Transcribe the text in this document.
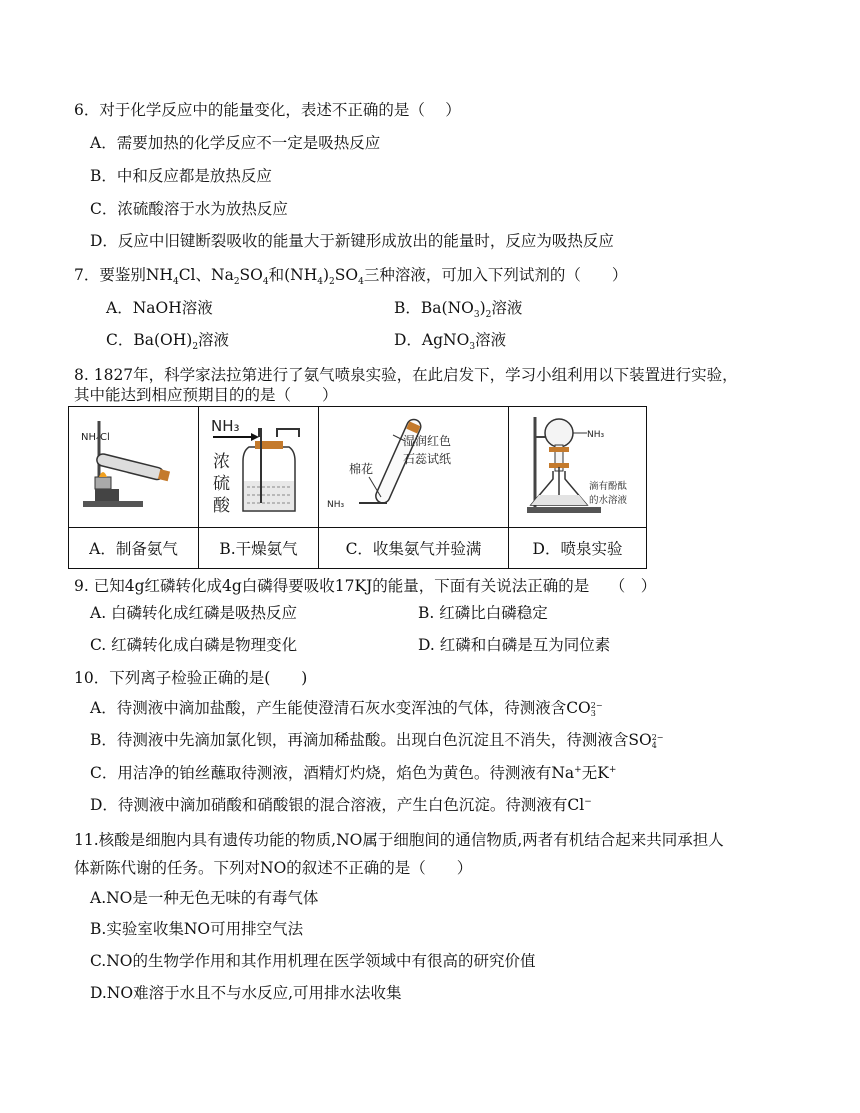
6．对于化学反应中的能量变化，表述不正确的是（　 ）
A．需要加热的化学反应不一定是吸热反应
B．中和反应都是放热反应
C．浓硫酸溶于水为放热反应
D．反应中旧键断裂吸收的能量大于新键形成放出的能量时，反应为吸热反应
7．要鉴别$NH_4Cl$、$Na_2SO_4$和$(NH_4)_2SO_4$三种溶液，可加入下列试剂的（　　）
A．NaOH溶液	B．$Ba(NO_3)_2$溶液
C．$Ba(OH)_2$溶液	D．AgNO$_3$溶液
8. 1827年，科学家法拉第进行了氨气喷泉实验，在此启发下，学习小组利用以下装置进行实验，
其中能达到相应预期目的的是（　　）
NH₄Cl	NH₃
浓
硫
酸	NH₃
棉花
湿润红色
石蕊试纸	NH₃
滴有酚酞
的水溶液

A．制备氨气	B.干燥氨气	C．收集氨气并验满	D．喷泉实验
9. 已知4g红磷转化成4g白磷得要吸收17KJ的能量，下面有关说法正确的是　 （　）
A. 白磷转化成红磷是吸热反应	B. 红磷比白磷稳定
C. 红磷转化成白磷是物理变化	D. 红磷和白磷是互为同位素
10．下列离子检验正确的是(　　)
A．待测液中滴加盐酸，产生能使澄清石灰水变浑浊的气体，待测液含CO 2−
3
B．待测液中先滴加氯化钡，再滴加稀盐酸。出现白色沉淀且不消失，待测液含SO 2−
4
C．用洁净的铂丝蘸取待测液，酒精灯灼烧，焰色为黄色。待测液有Na+无K+
D．待测液中滴加硝酸和硝酸银的混合溶液，产生白色沉淀。待测液有Cl−
11.核酸是细胞内具有遗传功能的物质,NO属于细胞间的通信物质,两者有机结合起来共同承担人
体新陈代谢的任务。下列对NO的叙述不正确的是（　　）
A.NO是一种无色无味的有毒气体
B.实验室收集NO可用排空气法
C.NO的生物学作用和其作用机理在医学领域中有很高的研究价值
D.NO难溶于水且不与水反应,可用排水法收集
